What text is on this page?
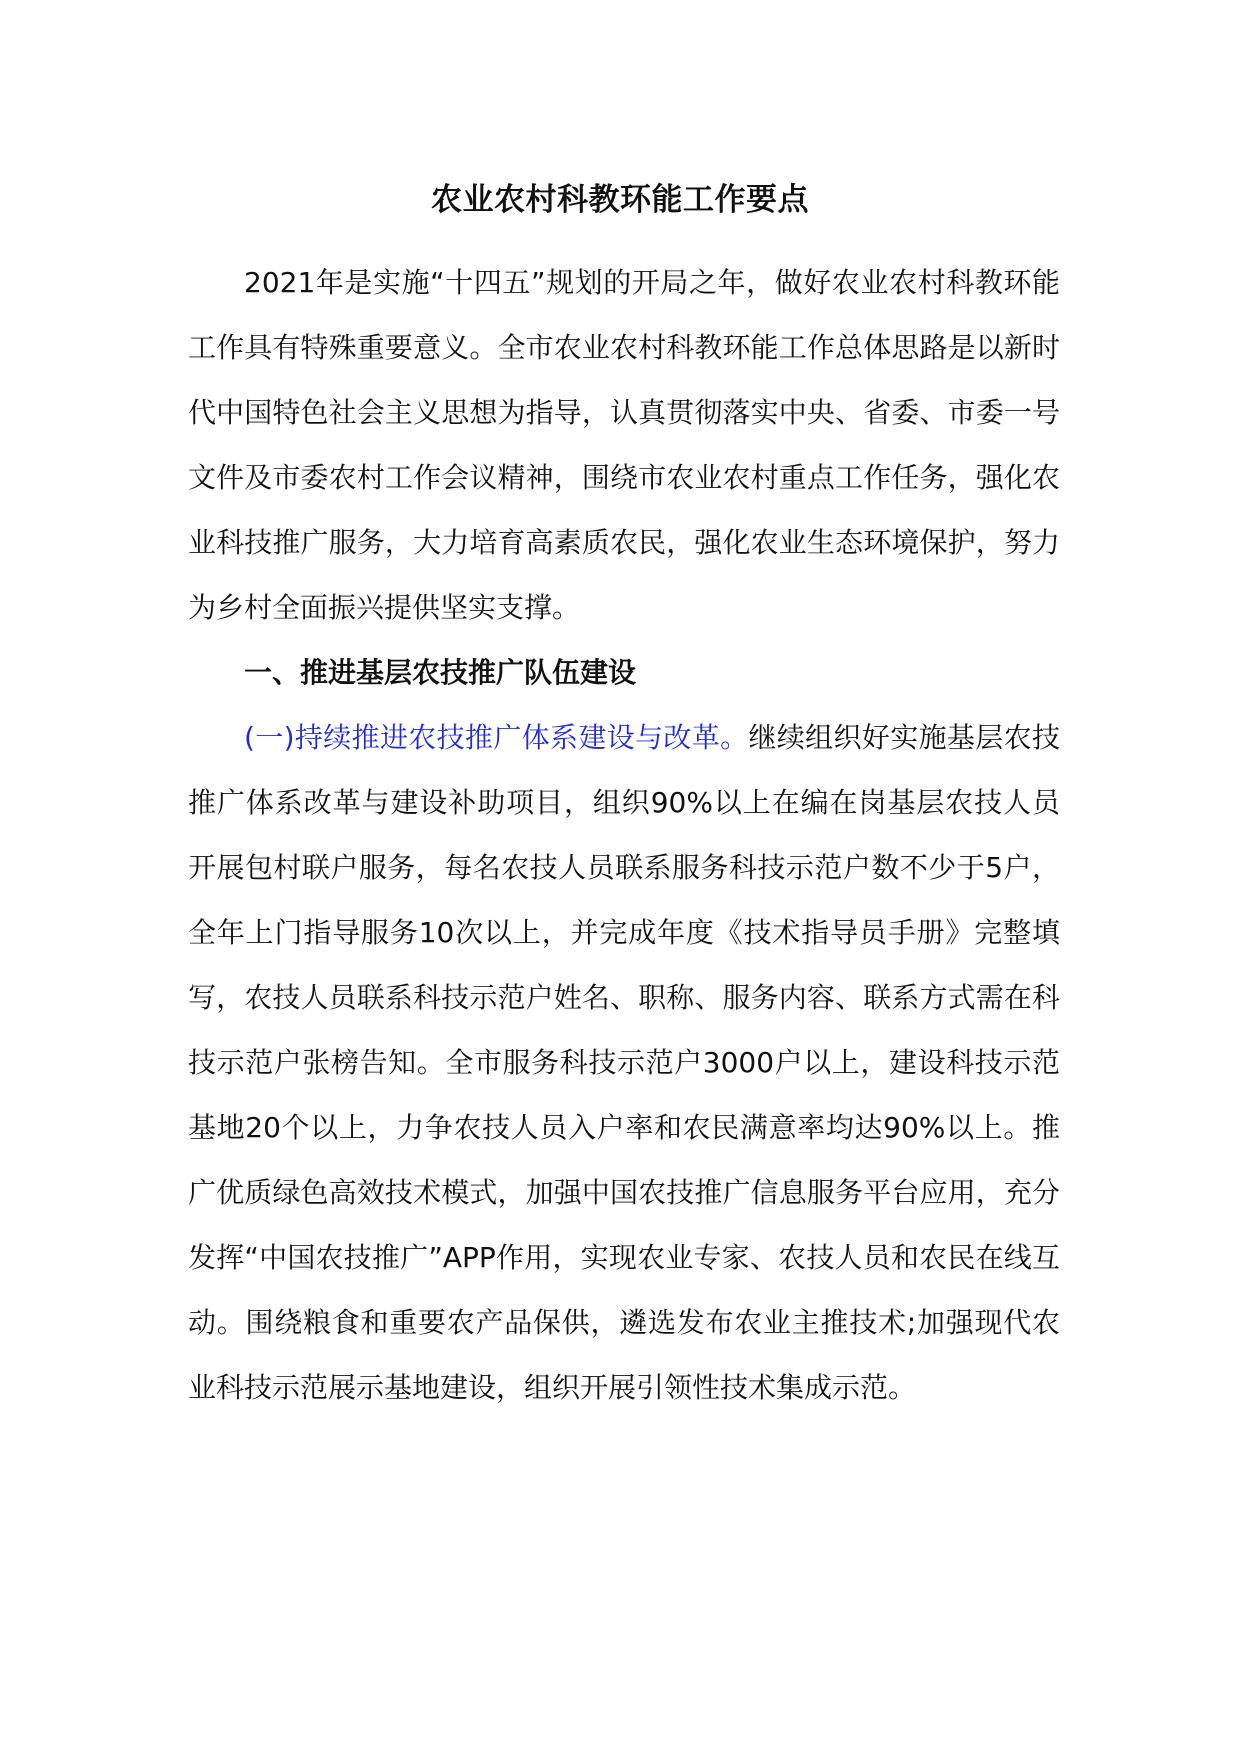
农业农村科教环能工作要点

2021年是实施“十四五”规划的开局之年，做好农业农村科教环能工作具有特殊重要意义。全市农业农村科教环能工作总体思路是以新时代中国特色社会主义思想为指导，认真贯彻落实中央、省委、市委一号文件及市委农村工作会议精神，围绕市农业农村重点工作任务，强化农业科技推广服务，大力培育高素质农民，强化农业生态环境保护，努力为乡村全面振兴提供坚实支撑。

一、推进基层农技推广队伍建设

(一)持续推进农技推广体系建设与改革。继续组织好实施基层农技推广体系改革与建设补助项目，组织90%以上在编在岗基层农技人员开展包村联户服务，每名农技人员联系服务科技示范户数不少于5户，全年上门指导服务10次以上，并完成年度《技术指导员手册》完整填写，农技人员联系科技示范户姓名、职称、服务内容、联系方式需在科技示范户张榜告知。全市服务科技示范户3000户以上，建设科技示范基地20个以上，力争农技人员入户率和农民满意率均达90%以上。推广优质绿色高效技术模式，加强中国农技推广信息服务平台应用，充分发挥“中国农技推广”APP作用，实现农业专家、农技人员和农民在线互动。围绕粮食和重要农产品保供，遴选发布农业主推技术;加强现代农业科技示范展示基地建设，组织开展引领性技术集成示范。
